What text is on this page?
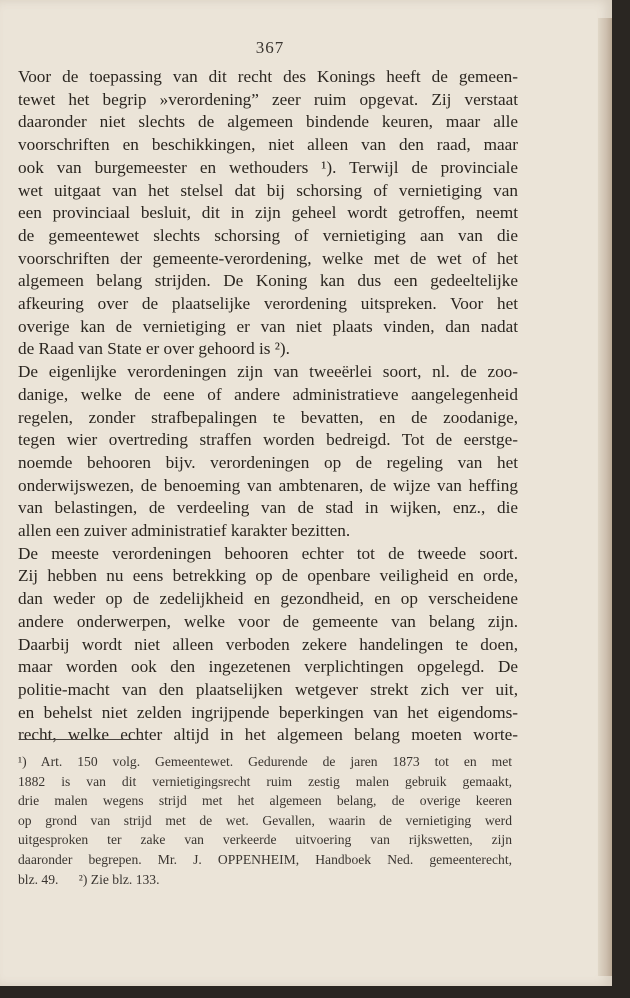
367
Voor de toepassing van dit recht des Konings heeft de gemeen-
tewet het begrip »verordening” zeer ruim opgevat. Zij verstaat
daaronder niet slechts de algemeen bindende keuren, maar alle
voorschriften en beschikkingen, niet alleen van den raad, maar
ook van burgemeester en wethouders ¹). Terwijl de provinciale
wet uitgaat van het stelsel dat bij schorsing of vernietiging van
een provinciaal besluit, dit in zijn geheel wordt getroffen, neemt
de gemeentewet slechts schorsing of vernietiging aan van die
voorschriften der gemeente-verordening, welke met de wet of het
algemeen belang strijden. De Koning kan dus een gedeeltelijke
afkeuring over de plaatselijke verordening uitspreken. Voor het
overige kan de vernietiging er van niet plaats vinden, dan nadat
de Raad van State er over gehoord is ²).
De eigenlijke verordeningen zijn van tweeërlei soort, nl. de zoo-
danige, welke de eene of andere administratieve aangelegenheid
regelen, zonder strafbepalingen te bevatten, en de zoodanige,
tegen wier overtreding straffen worden bedreigd. Tot de eerstge-
noemde behooren bijv. verordeningen op de regeling van het
onderwijswezen, de benoeming van ambtenaren, de wijze van heffing
van belastingen, de verdeeling van de stad in wijken, enz., die
allen een zuiver administratief karakter bezitten.
De meeste verordeningen behooren echter tot de tweede soort.
Zij hebben nu eens betrekking op de openbare veiligheid en orde,
dan weder op de zedelijkheid en gezondheid, en op verscheidene
andere onderwerpen, welke voor de gemeente van belang zijn.
Daarbij wordt niet alleen verboden zekere handelingen te doen,
maar worden ook den ingezetenen verplichtingen opgelegd. De
politie-macht van den plaatselijken wetgever strekt zich ver uit,
en behelst niet zelden ingrijpende beperkingen van het eigendoms-
recht, welke echter altijd in het algemeen belang moeten worte-
¹) Art. 150 volg. Gemeentewet. Gedurende de jaren 1873 tot en met
1882 is van dit vernietigingsrecht ruim zestig malen gebruik gemaakt,
drie malen wegens strijd met het algemeen belang, de overige keeren
op grond van strijd met de wet. Gevallen, waarin de vernietiging werd
uitgesproken ter zake van verkeerde uitvoering van rijkswetten, zijn
daaronder begrepen. Mr. J. OPPENHEIM, Handboek Ned. gemeenterecht,
blz. 49.      ²) Zie blz. 133.
